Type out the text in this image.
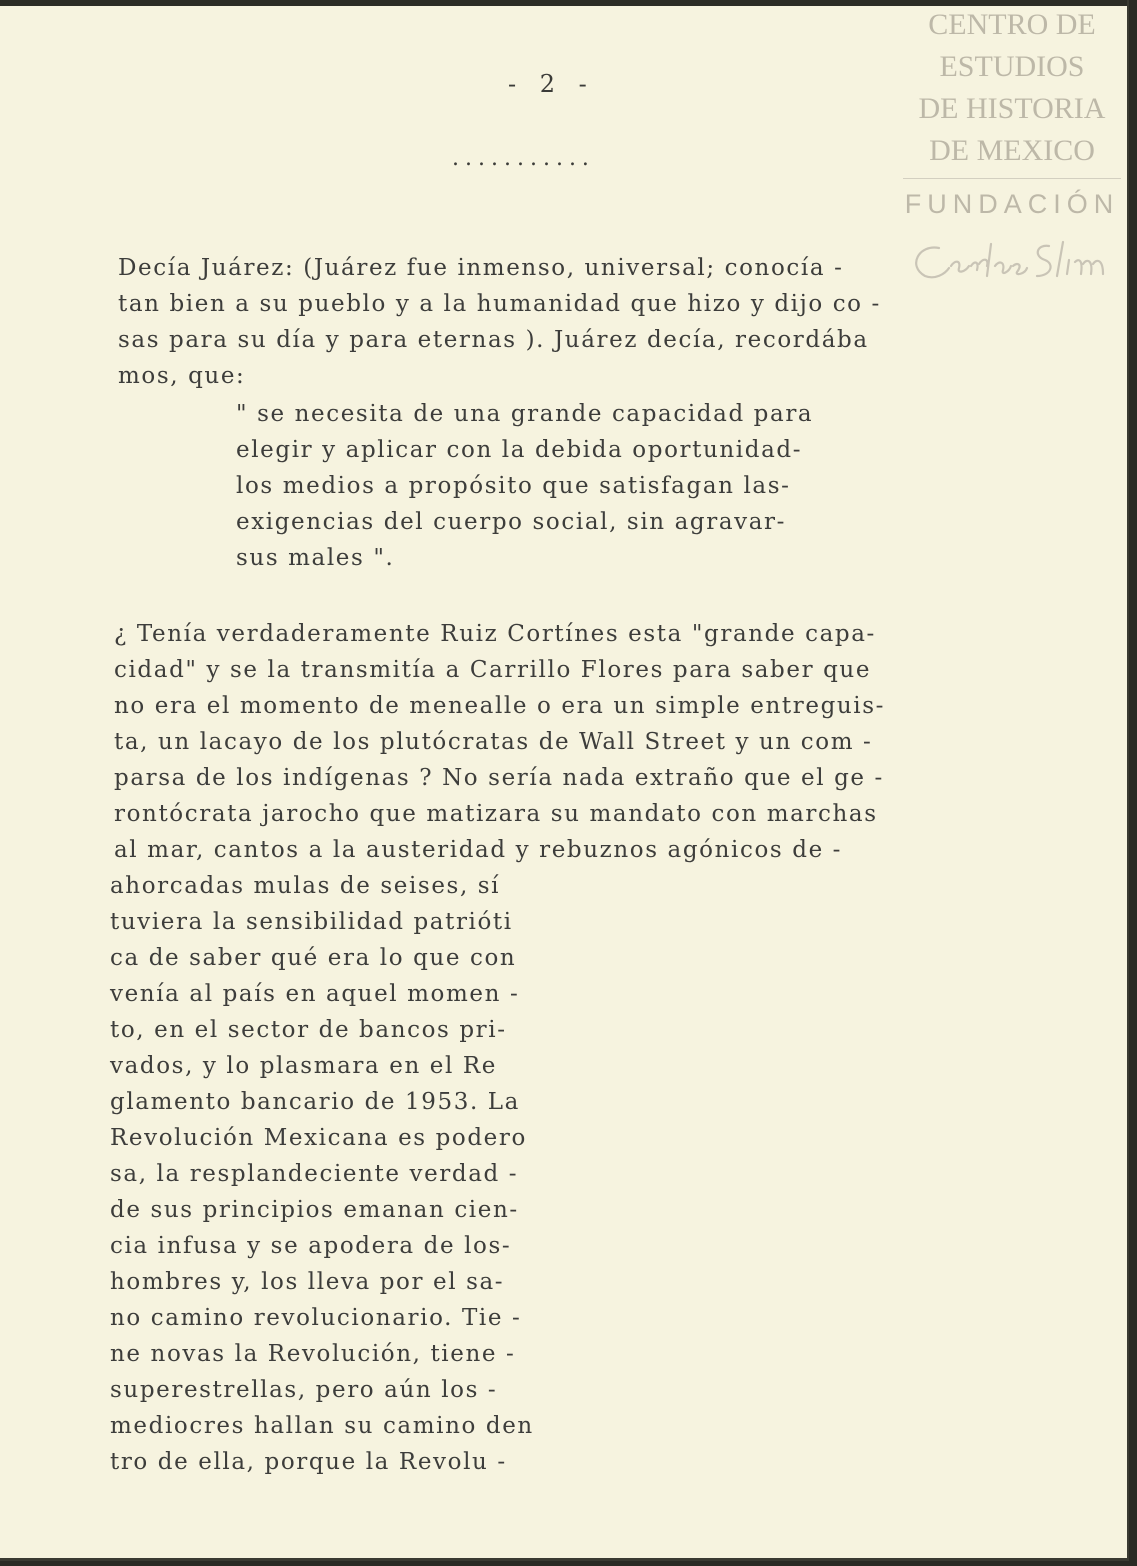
CENTRO DE
ESTUDIOS
DE HISTORIA
DE MEXICO
FUNDACIÓN
- 2 -
...........
Decía Juárez: (Juárez fue inmenso, universal; conocía -
tan bien a su pueblo y a la humanidad que hizo y dijo co -
sas para su día y para eternas ). Juárez decía, recordába
mos, que:
" se necesita de una grande capacidad para
elegir y aplicar con la debida oportunidad-
los medios a propósito que satisfagan las-
exigencias del cuerpo social, sin agravar-
sus males ".
¿ Tenía verdaderamente Ruiz Cortínes esta "grande capa-
cidad" y se la transmitía a Carrillo Flores para saber que
no era el momento de menealle o era un simple entreguis-
ta, un lacayo de los plutócratas de Wall Street y un com -
parsa de los indígenas ? No sería nada extraño que el ge -
rontócrata jarocho que matizara su mandato con marchas
al mar, cantos a la austeridad y rebuznos agónicos de -
ahorcadas mulas de seises, sí
tuviera la sensibilidad patrióti
ca de saber qué era lo que con
venía al país en aquel momen -
to, en el sector de bancos pri-
vados, y lo plasmara en el Re
glamento bancario de 1953. La
Revolución Mexicana es podero
sa, la resplandeciente verdad -
de sus principios emanan cien-
cia infusa y se apodera de los-
hombres y, los lleva por el sa-
no camino revolucionario. Tie -
ne novas la Revolución, tiene -
superestrellas, pero aún los -
mediocres hallan su camino den
tro de ella, porque la Revolu -
